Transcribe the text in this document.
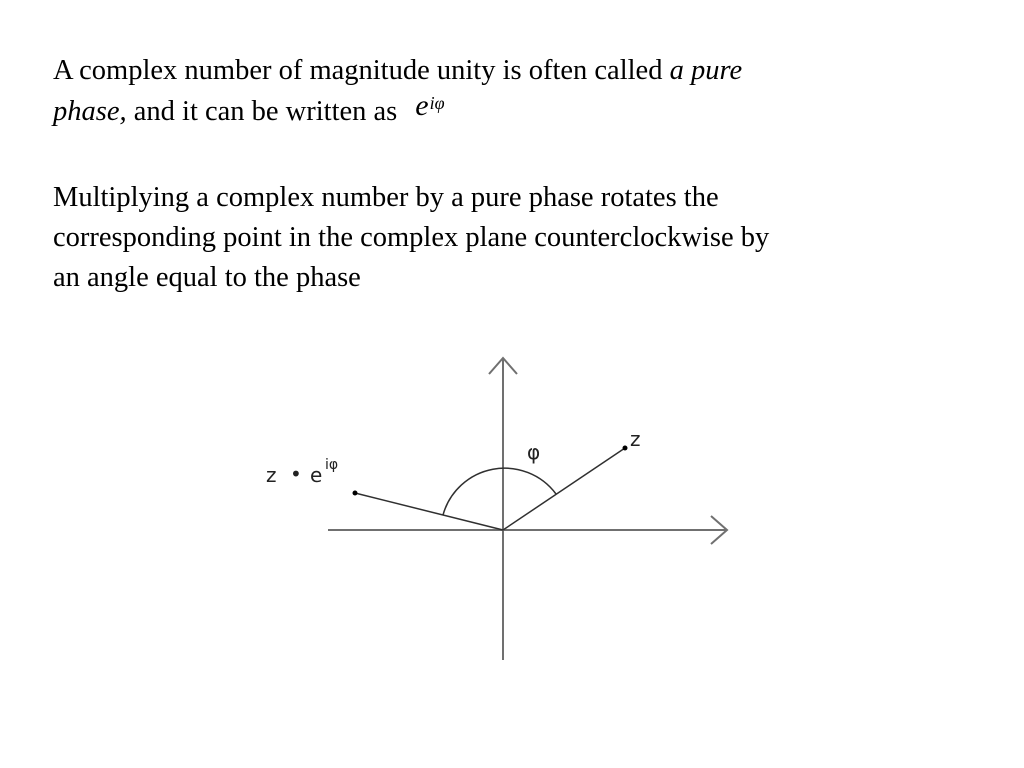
A complex number of magnitude unity is often called a pure
phase, and it can be written as $e^{i\varphi}$
Multiplying a complex number by a pure phase rotates the
corresponding point in the complex plane counterclockwise by
an angle equal to the phase
φ
z
z • e iφ
